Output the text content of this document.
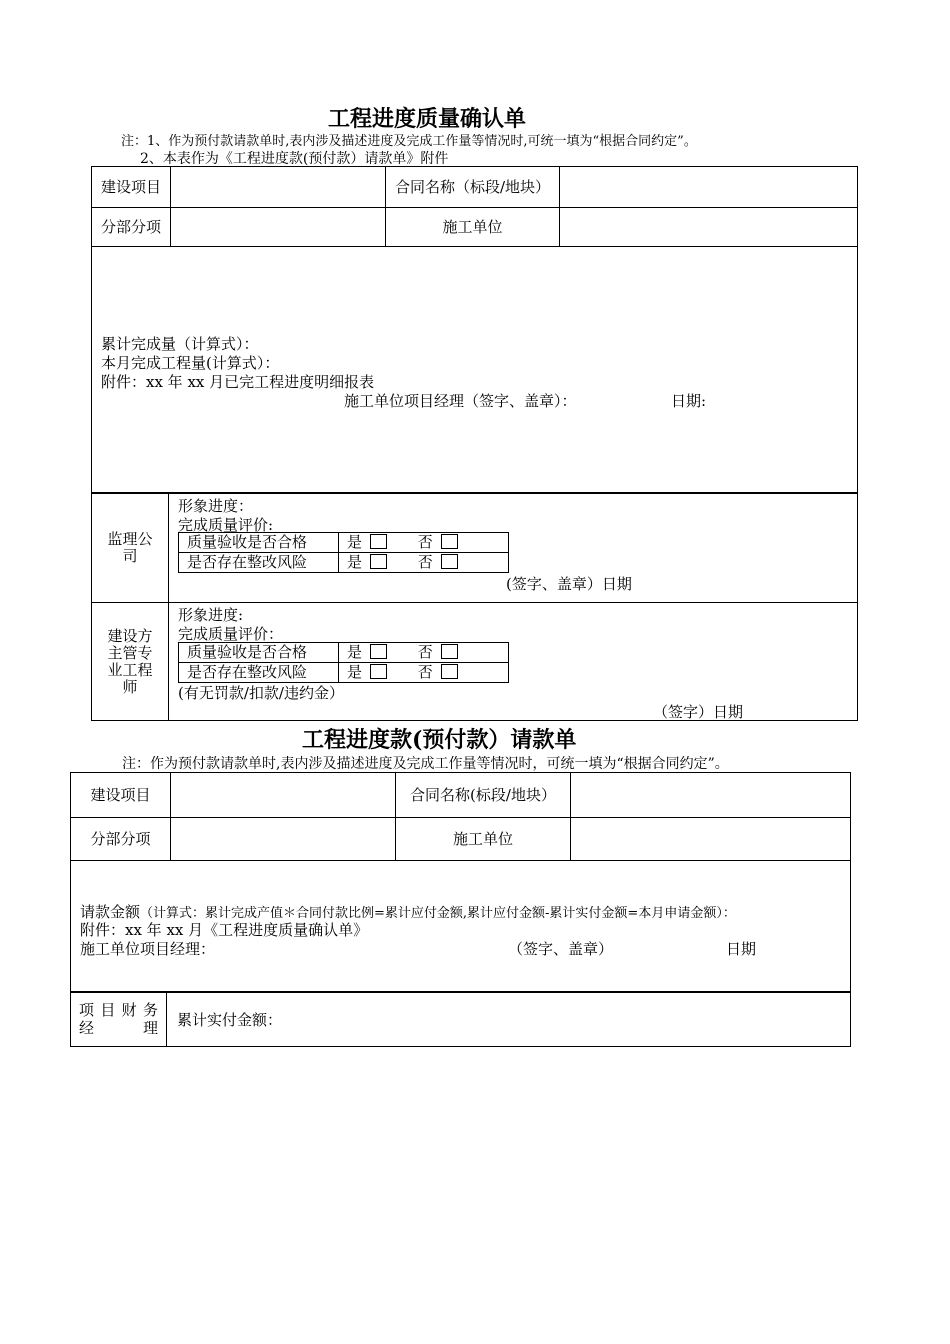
工程进度质量确认单
注：1、作为预付款请款单时,表内涉及描述进度及完成工作量等情况时,可统一填为“根据合同约定”。
2、本表作为《工程进度款(预付款）请款单》附件
建设项目		合同名称（标段/地块）	
分部分项		施工单位	

累计完成量（计算式）：
本月完成工程量(计算式）：
附件：xx 年 xx 月已完工程进度明细报表
施工单位项目经理（签字、盖章）： 日期:			
监理公司	
形象进度：
完成质量评价:
质量验收是否合格	是	否
是否存在整改风险	是	否
(签字、盖章）日期

建设方主管专业工程师	
形象进度:
完成质量评价：
质量验收是否合格	是	否
是否存在整改风险	是	否
(有无罚款/扣款/违约金）
（签字）日期
工程进度款(预付款）请款单
注：作为预付款请款单时,表内涉及描述进度及完成工作量等情况时，可统一填为“根据合同约定”。
建设项目		合同名称(标段/地块）	
分部分项		施工单位	

请款金额（计算式：累计完成产值＊合同付款比例=累计应付金额,累计应付金额-累计实付金额=本月申请金额）：
附件：xx 年 xx 月《工程进度质量确认单》
施工单位项目经理： （签字、盖章） 日期			
项 目 财 务 经理	累计实付金额：
